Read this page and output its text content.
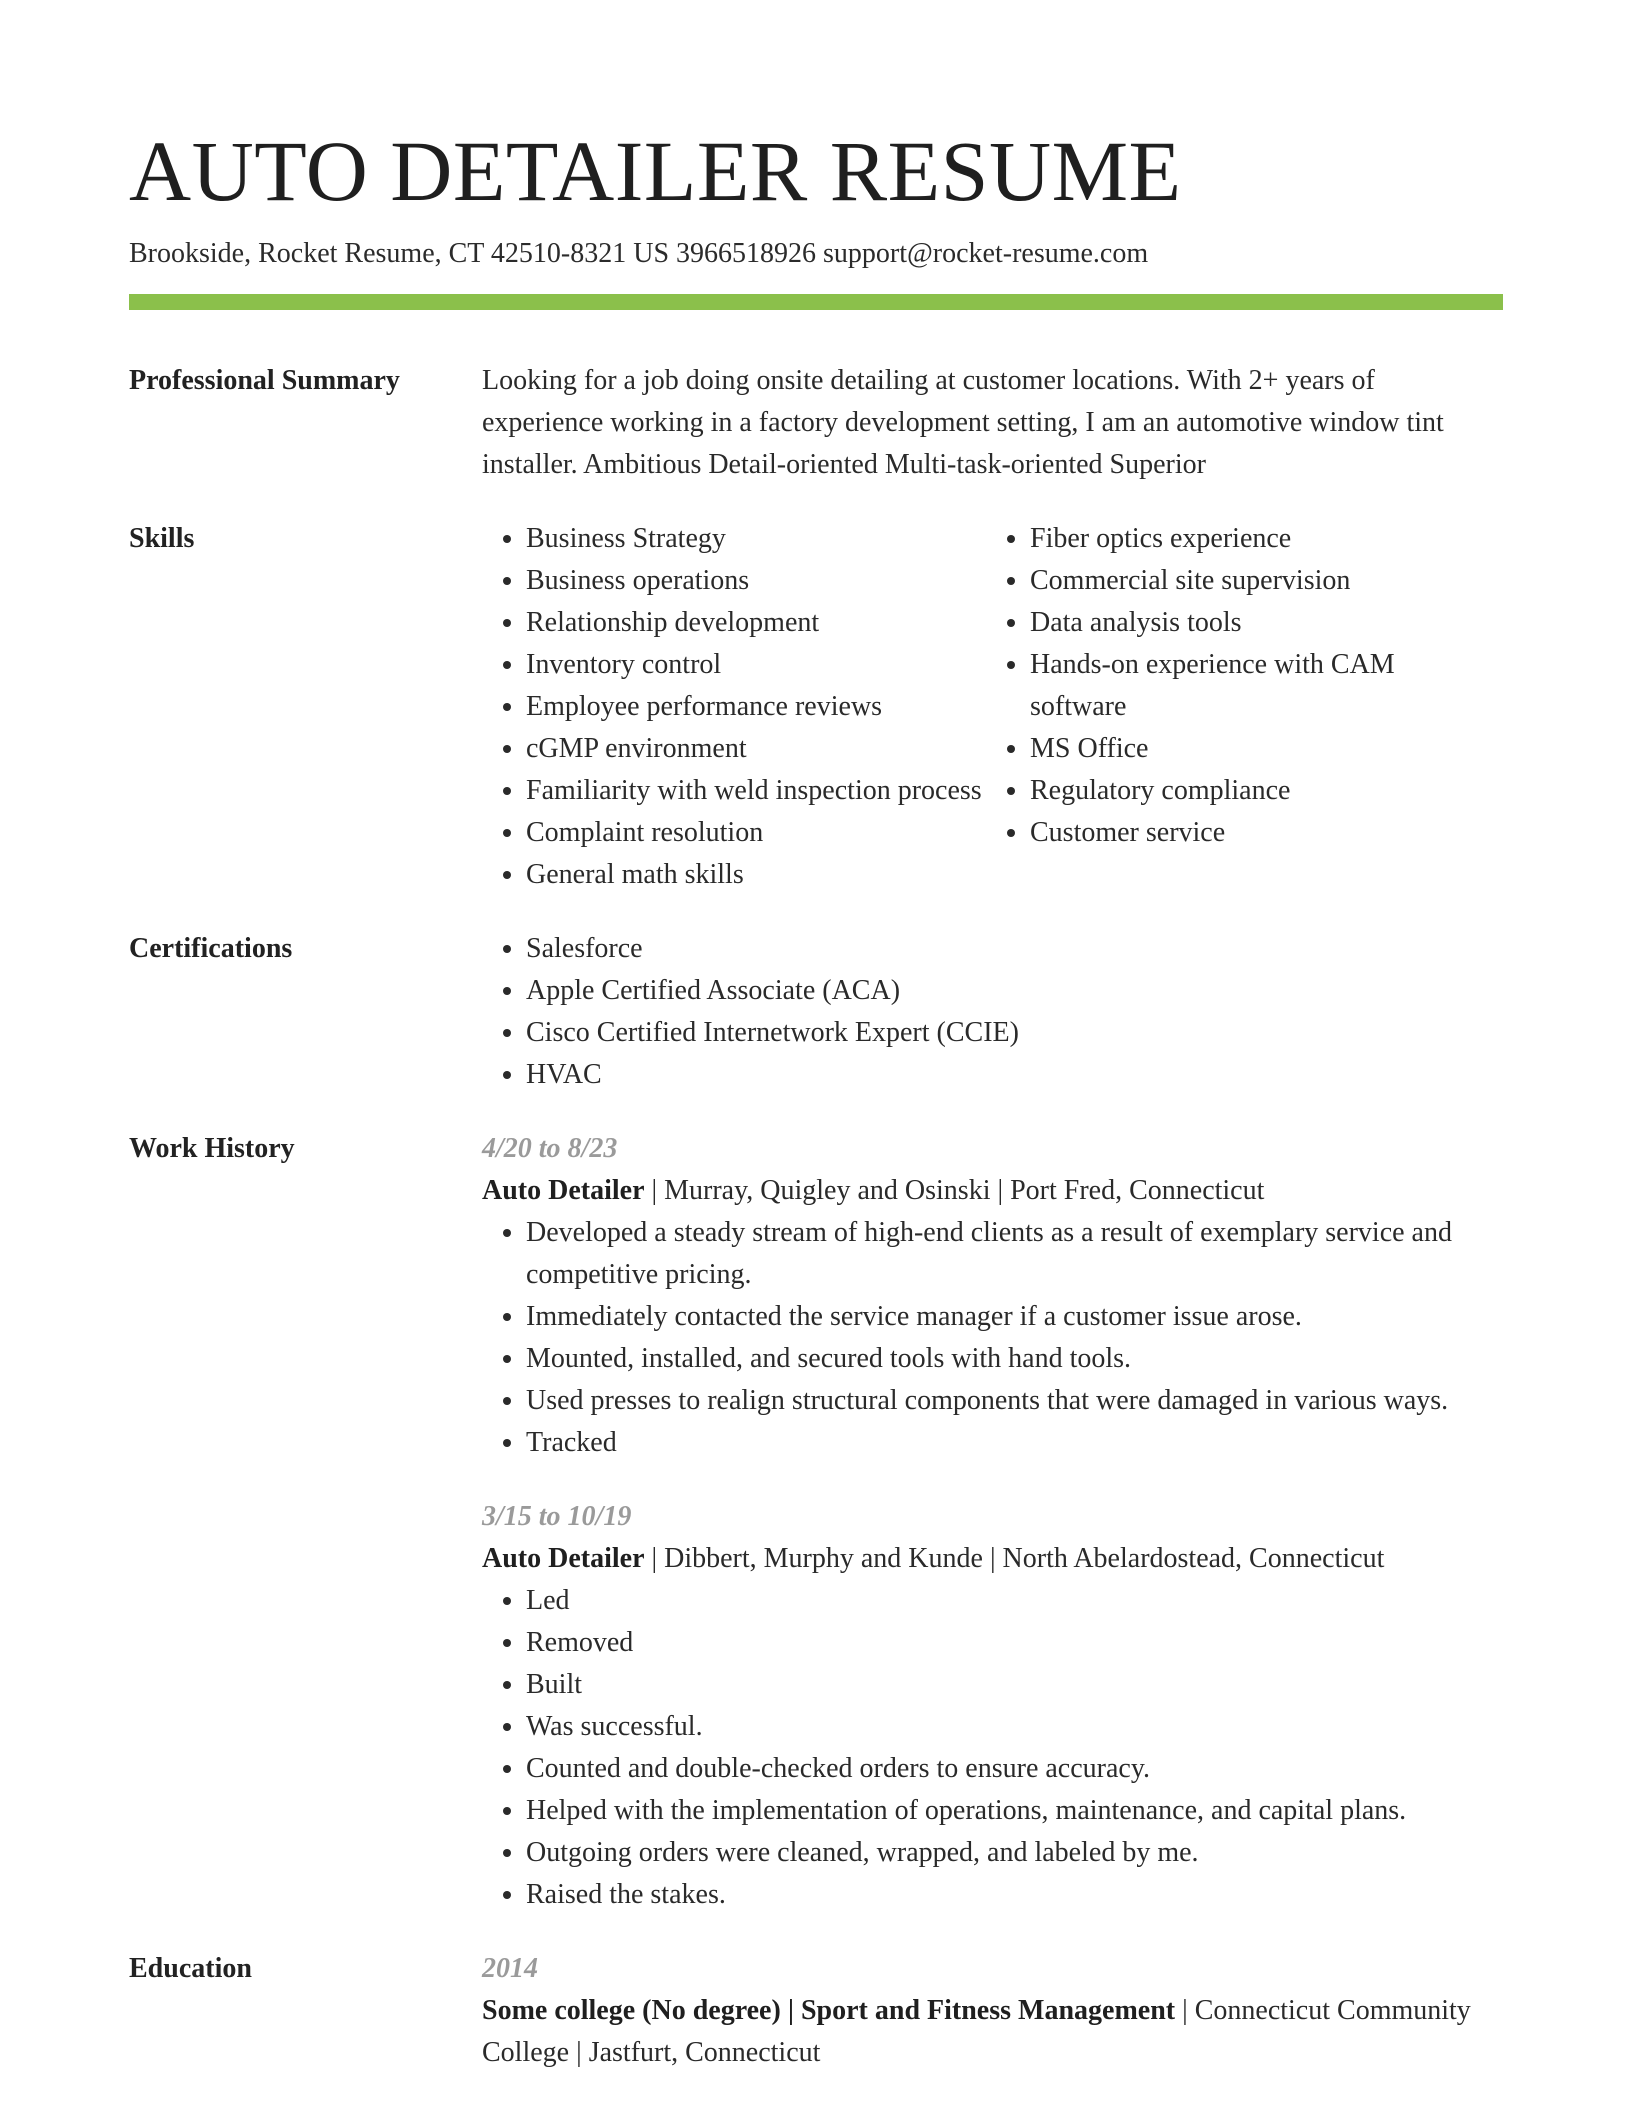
AUTO DETAILER RESUME
Brookside, Rocket Resume, CT 42510-8321 US 3966518926 support@rocket-resume.com
Professional Summary	Looking for a job doing onsite detailing at customer locations. With 2+ years of experience working in a factory development setting, I am an automotive window tint installer. Ambitious Detail-oriented Multi-task-oriented Superior

Skills	• Business Strategy
• Business operations
• Relationship development
• Inventory control
• Employee performance reviews
• cGMP environment
• Familiarity with weld inspection process
• Complaint resolution
• General math skills
• Fiber optics experience
• Commercial site supervision
• Data analysis tools
• Hands-on experience with CAM software
• MS Office
• Regulatory compliance
• Customer service
Certifications	• Salesforce
• Apple Certified Associate (ACA)
• Cisco Certified Internetwork Expert (CCIE)
• HVAC
Work History	4/20 to 8/23
Auto Detailer | Murray, Quigley and Osinski | Port Fred, Connecticut
• Developed a steady stream of high-end clients as a result of exemplary service and competitive pricing.
• Immediately contacted the service manager if a customer issue arose.
• Mounted, installed, and secured tools with hand tools.
• Used presses to realign structural components that were damaged in various ways.
• Tracked
3/15 to 10/19
Auto Detailer | Dibbert, Murphy and Kunde | North Abelardostead, Connecticut
• Led
• Removed
• Built
• Was successful.
• Counted and double-checked orders to ensure accuracy.
• Helped with the implementation of operations, maintenance, and capital plans.
• Outgoing orders were cleaned, wrapped, and labeled by me.
• Raised the stakes.
Education	2014
Some college (No degree) | Sport and Fitness Management | Connecticut Community College | Jastfurt, Connecticut
